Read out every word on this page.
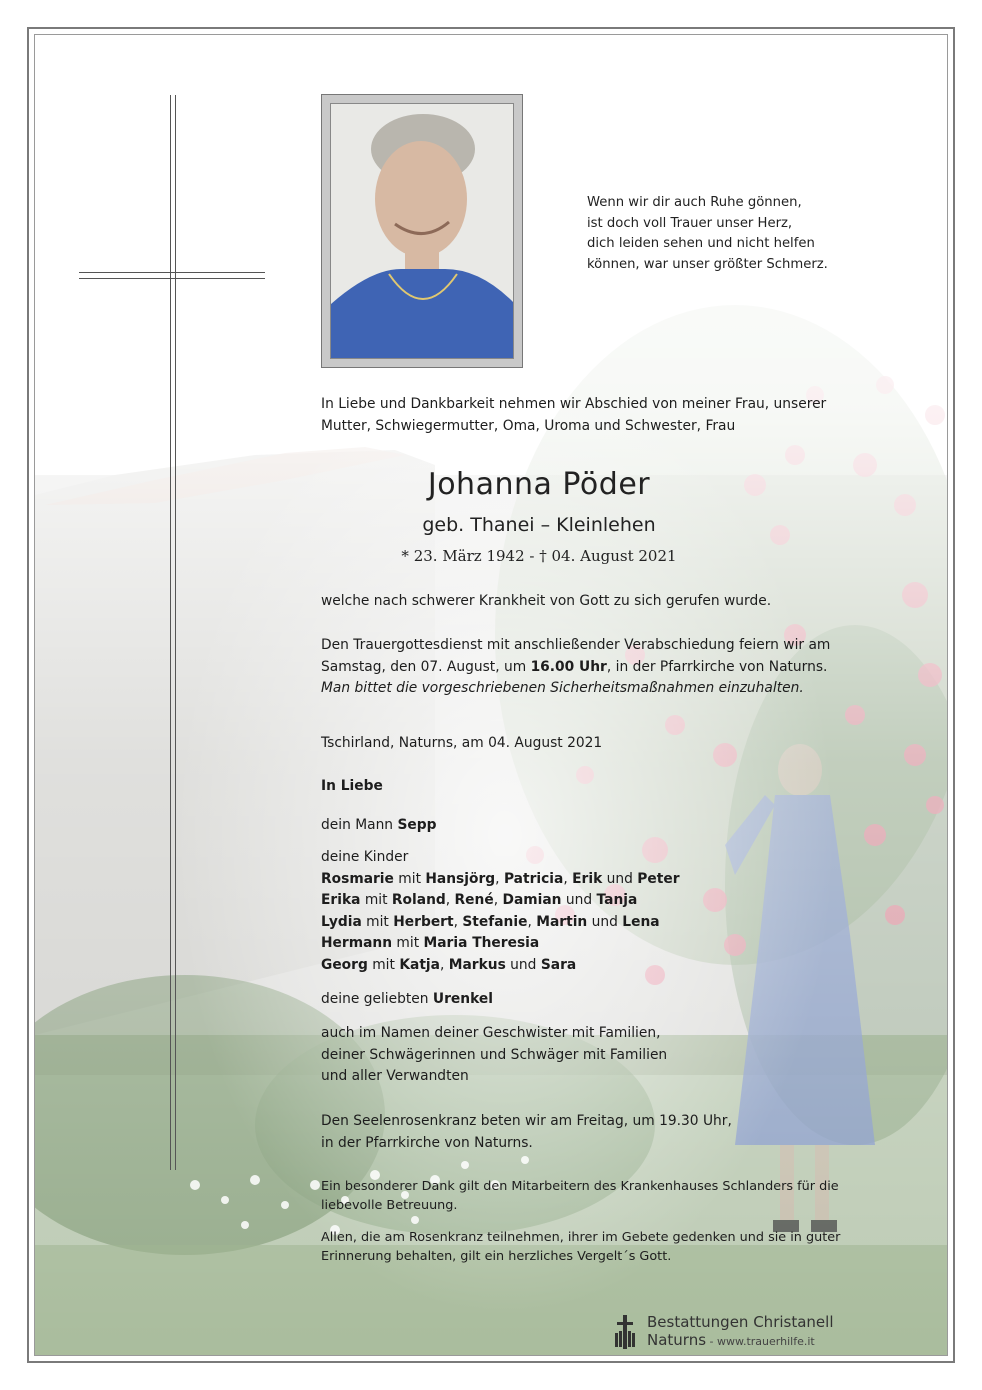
Wenn wir dir auch Ruhe gönnen,
ist doch voll Trauer unser Herz,
dich leiden sehen und nicht helfen
können, war unser größter Schmerz.
In Liebe und Dankbarkeit nehmen wir Abschied von meiner Frau, unserer
Mutter, Schwiegermutter, Oma, Uroma und Schwester, Frau
Johanna Pöder
geb. Thanei – Kleinlehen
* 23. März 1942 - † 04. August 2021
welche nach schwerer Krankheit von Gott zu sich gerufen wurde.
Den Trauergottesdienst mit anschließender Verabschiedung feiern wir am
Samstag, den 07. August, um 16.00 Uhr, in der Pfarrkirche von Naturns.
Man bittet die vorgeschriebenen Sicherheitsmaßnahmen einzuhalten.
Tschirland, Naturns, am 04. August 2021
In Liebe
dein Mann Sepp
deine Kinder
Rosmarie mit Hansjörg, Patricia, Erik und Peter
Erika mit Roland, René, Damian und Tanja
Lydia mit Herbert, Stefanie, Martin und Lena
Hermann mit Maria Theresia
Georg mit Katja, Markus und Sara
deine geliebten Urenkel
auch im Namen deiner Geschwister mit Familien,
deiner Schwägerinnen und Schwäger mit Familien
und aller Verwandten
Den Seelenrosenkranz beten wir am Freitag, um 19.30 Uhr,
in der Pfarrkirche von Naturns.
Ein besonderer Dank gilt den Mitarbeitern des Krankenhauses Schlanders für die
liebevolle Betreuung.
Allen, die am Rosenkranz teilnehmen, ihrer im Gebete gedenken und sie in guter
Erinnerung behalten, gilt ein herzliches Vergelt´s Gott.
Bestattungen Christanell
Naturns - www.trauerhilfe.it
